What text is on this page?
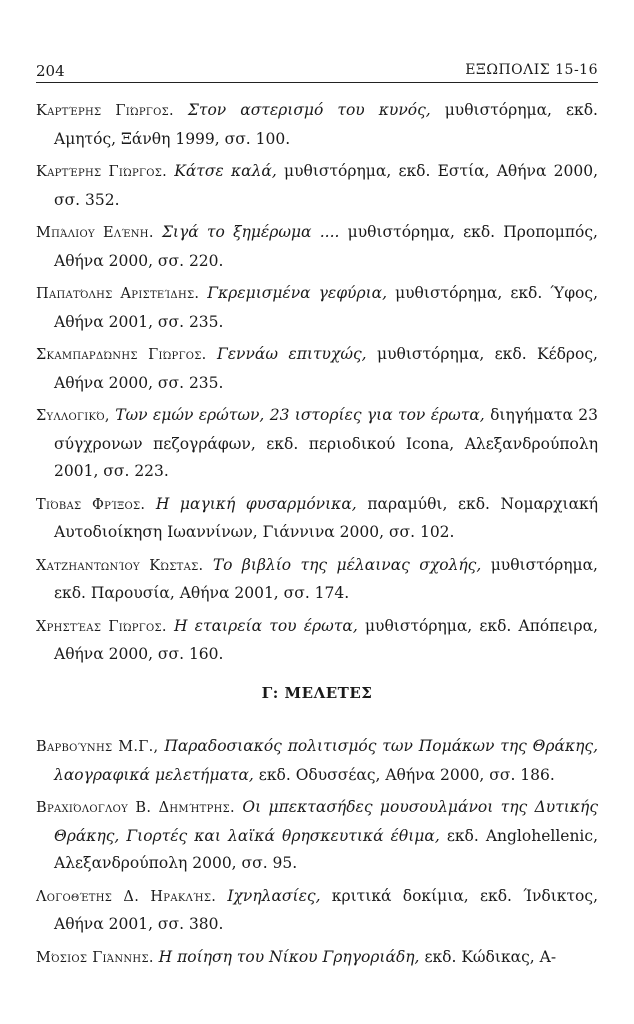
204	ΕΞΩΠΟΛΙΣ 15-16

Καρτέρης Γιώργος. Στον αστερισμό του κυνός, μυθιστόρημα, εκδ. Αμητός, Ξάνθη 1999, σσ. 100.

Καρτέρης Γιώργος. Κάτσε καλά, μυθιστόρημα, εκδ. Εστία, Αθήνα 2000, σσ. 352.

Μπάλιου Ελένη. Σιγά το ξημέρωμα .... μυθιστόρημα, εκδ. Προπομπός, Αθήνα 2000, σσ. 220.

Παπατόλης Αριστείδης. Γκρεμισμένα γεφύρια, μυθιστόρημα, εκδ. Ύφος, Αθήνα 2001, σσ. 235.

Σκαμπαρδώνης Γιώργος. Γεννάω επιτυχώς, μυθιστόρημα, εκδ. Κέδρος, Αθήνα 2000, σσ. 235.

Συλλογικό, Των εμών ερώτων, 23 ιστορίες για τον έρωτα, διηγήματα 23 σύγχρονων πεζογράφων, εκδ. περιοδικού Icona, Αλεξανδρούπολη 2001, σσ. 223.

Τιόβας Φρίξος. Η μαγική φυσαρμόνικα, παραμύθι, εκδ. Νομαρχιακή Αυτοδιοίκηση Ιωαννίνων, Γιάννινα 2000, σσ. 102.

Χατζηαντωνίου Κώστας. Το βιβλίο της μέλαινας σχολής, μυθιστόρημα, εκδ. Παρουσία, Αθήνα 2001, σσ. 174.

Χρηστέας Γιώργος. Η εταιρεία του έρωτα, μυθιστόρημα, εκδ. Απόπειρα, Αθήνα 2000, σσ. 160.

Γ: ΜΕΛΕΤΕΣ

Βαρβούνης Μ.Γ., Παραδοσιακός πολιτισμός των Πομάκων της Θράκης, λαογραφικά μελετήματα, εκδ. Οδυσσέας, Αθήνα 2000, σσ. 186.

Βραχιόλογλου Β. Δημήτρης. Οι μπεκτασήδες μουσουλμάνοι της Δυτικής Θράκης, Γιορτές και λαϊκά θρησκευτικά έθιμα, εκδ. Anglohellenic, Αλεξανδρούπολη 2000, σσ. 95.

Λογοθέτης Δ. Ηρακλής. Ιχνηλασίες, κριτικά δοκίμια, εκδ. Ίνδικτος, Αθήνα 2001, σσ. 380.

Μόσιος Γιάννης. Η ποίηση του Νίκου Γρηγοριάδη, εκδ. Κώδικας, Α-
